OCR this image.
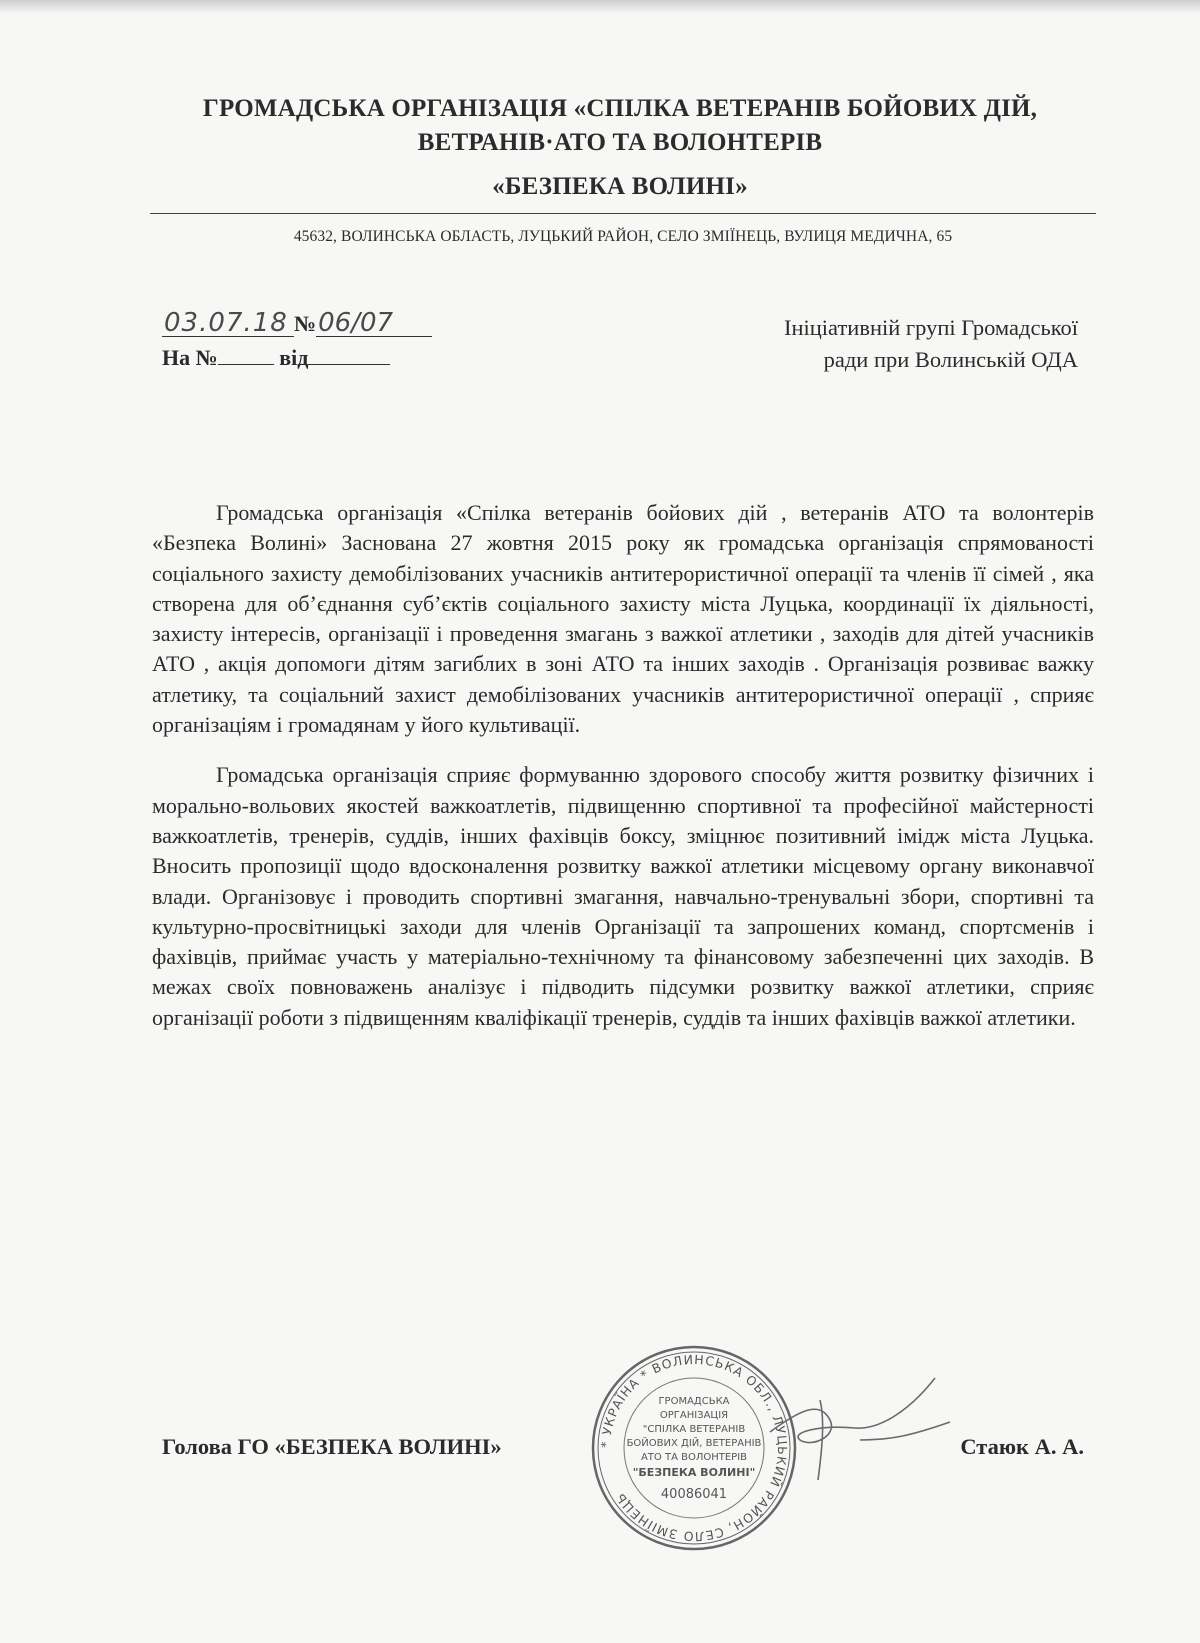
ГРОМАДСЬКА ОРГАНІЗАЦІЯ «СПІЛКА ВЕТЕРАНІВ БОЙОВИХ ДІЙ,
ВЕТРАНІВ·АТО ТА ВОЛОНТЕРІВ
«БЕЗПЕКА ВОЛИНІ»
45632, ВОЛИНСЬКА ОБЛАСТЬ, ЛУЦЬКИЙ РАЙОН, СЕЛО ЗМІЇНЕЦЬ, ВУЛИЦЯ МЕДИЧНА, 65
03.07.18 №06/07
На №	від
Ініціативній групі Громадської
ради при Волинській ОДА

Громадська організація «Спілка ветеранів бойових дій , ветеранів АТО та волонтерів «Безпека Волині» Заснована 27 жовтня 2015 року як громадська організація спрямованості соціального захисту демобілізованих учасників антитерористичної операції та членів її сімей , яка створена для об’єднання суб’єктів соціального захисту міста Луцька, координації їх діяльності, захисту інтересів, організації і проведення змагань з важкої атлетики , заходів для дітей учасників АТО , акція допомоги дітям загиблих в зоні АТО та інших заходів . Організація розвиває важку атлетику, та соціальний захист демобілізованих учасників антитерористичної операції , сприяє організаціям і громадянам у його культивації.

Громадська організація сприяє формуванню здорового способу життя розвитку фізичних і морально-вольових якостей важкоатлетів, підвищенню спортивної та професійної майстерності важкоатлетів, тренерів, суддів, інших фахівців боксу, зміцнює позитивний імідж міста Луцька. Вносить пропозиції щодо вдосконалення розвитку важкої атлетики місцевому органу виконавчої влади. Організовує і проводить спортивні змагання, навчально-тренувальні збори, спортивні та культурно-просвітницькі заходи для членів Організації та запрошених команд, спортсменів і фахівців, приймає участь у матеріально-технічному та фінансовому забезпеченні цих заходів. В межах своїх повноважень аналізує і підводить підсумки розвитку важкої атлетики, сприяє організації роботи з підвищенням кваліфікації тренерів, суддів та інших фахівців важкої атлетики.

Голова ГО «БЕЗПЕКА ВОЛИНІ»	* УКРАЇНА * ВОЛИНСЬКА ОБЛ., ЛУЦЬКИЙ РАЙОН, СЕЛО ЗМІЇНЕЦЬ
ГРОМАДСЬКА
ОРГАНІЗАЦІЯ
"СПІЛКА ВЕТЕРАНІВ
БОЙОВИХ ДІЙ, ВЕТЕРАНІВ
АТО ТА ВОЛОНТЕРІВ
"БЕЗПЕКА ВОЛИНІ"
40086041
Стаюк А. А.
